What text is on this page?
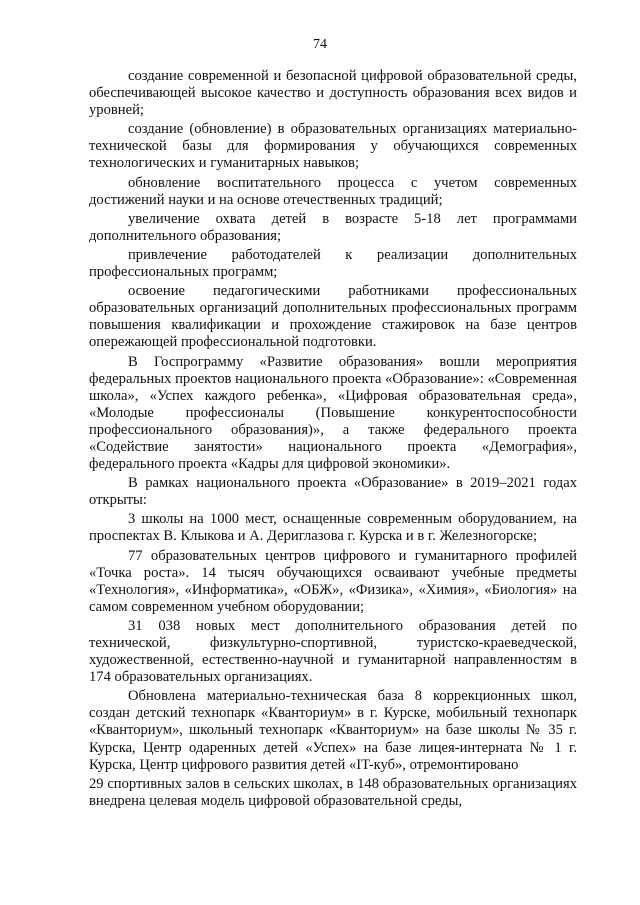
74

создание современной и безопасной цифровой образовательной среды, обеспечивающей высокое качество и доступность образования всех видов и уровней;

создание (обновление) в образовательных организациях материально-технической базы для формирования у обучающихся современных технологических и гуманитарных навыков;

обновление воспитательного процесса с учетом современных достижений науки и на основе отечественных традиций;

увеличение охвата детей в возрасте 5-18 лет программами дополнительного образования;

привлечение работодателей к реализации дополнительных профессиональных программ;

освоение педагогическими работниками профессиональных образовательных организаций дополнительных профессиональных программ повышения квалификации и прохождение стажировок на базе центров опережающей профессиональной подготовки.

В Госпрограмму «Развитие образования» вошли мероприятия федеральных проектов национального проекта «Образование»: «Современная школа», «Успех каждого ребенка», «Цифровая образовательная среда», «Молодые профессионалы (Повышение конкурентоспособности профессионального образования)», а также федерального проекта «Содействие занятости» национального проекта «Демография», федерального проекта «Кадры для цифровой экономики».

В рамках национального проекта «Образование» в 2019–2021 годах открыты:

3 школы на 1000 мест, оснащенные современным оборудованием, на проспектах В. Клыкова и А. Дериглазова г. Курска и в г. Железногорске;

77 образовательных центров цифрового и гуманитарного профилей «Точка роста». 14 тысяч обучающихся осваивают учебные предметы «Технология», «Информатика», «ОБЖ», «Физика», «Химия», «Биология» на самом современном учебном оборудовании;

31 038 новых мест дополнительного образования детей по технической, физкультурно-спортивной, туристско-краеведческой, художественной, естественно-научной и гуманитарной направленностям в 174 образовательных организациях.

Обновлена материально-техническая база 8 коррекционных школ, создан детский технопарк «Кванториум» в г. Курске, мобильный технопарк «Кванториум», школьный технопарк «Кванториум» на базе школы № 35 г. Курска, Центр одаренных детей «Успех» на базе лицея-интерната № 1 г. Курска, Центр цифрового развития детей «IT-куб», отремонтировано

29 спортивных залов в сельских школах, в 148 образовательных организациях внедрена целевая модель цифровой образовательной среды,
